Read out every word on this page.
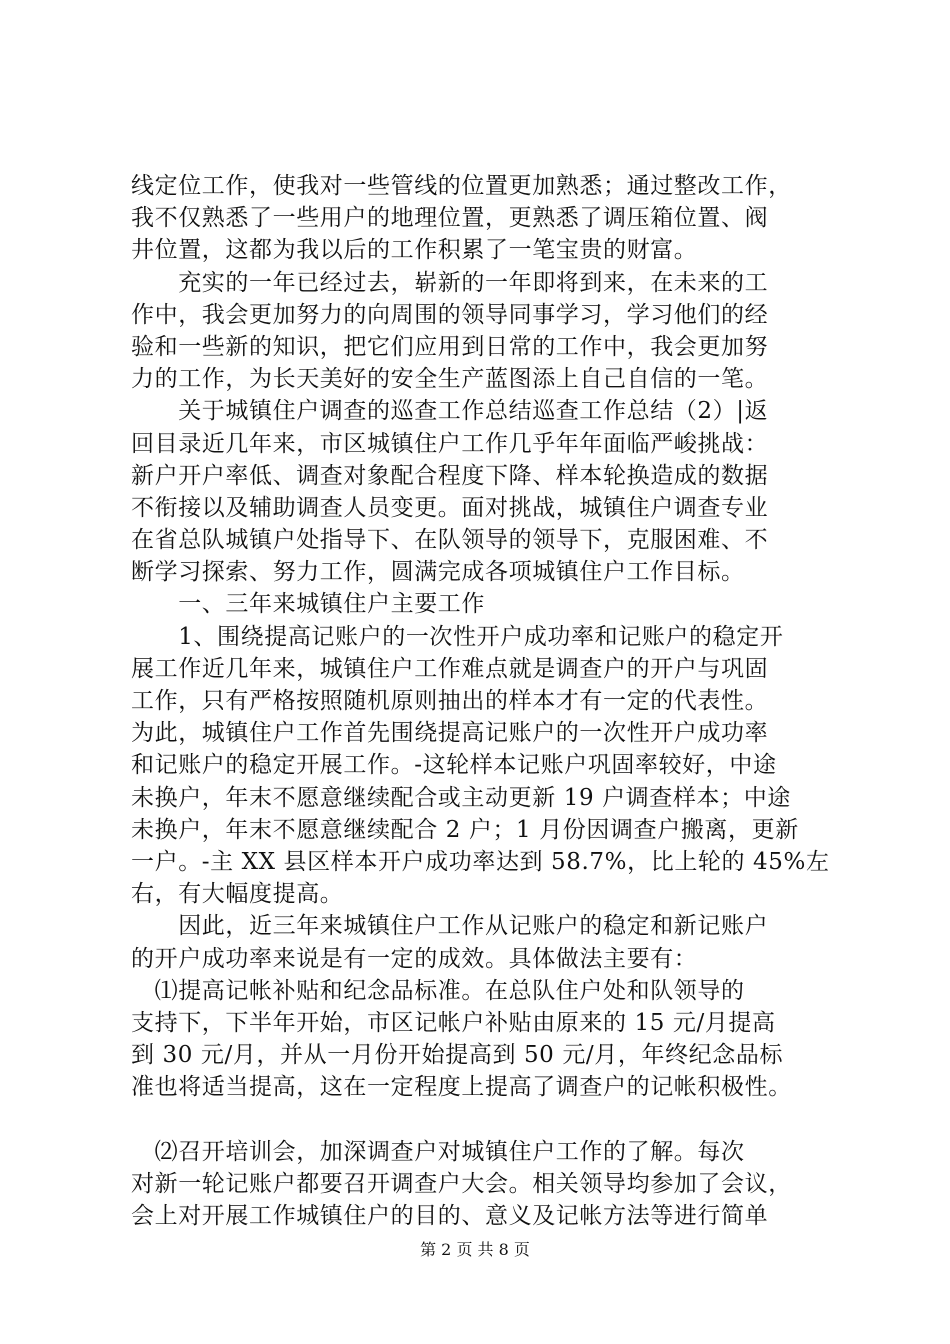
线定位工作，使我对一些管线的位置更加熟悉；通过整改工作，
我不仅熟悉了一些用户的地理位置，更熟悉了调压箱位置、阀
井位置，这都为我以后的工作积累了一笔宝贵的财富。
　　充实的一年已经过去，崭新的一年即将到来，在未来的工
作中，我会更加努力的向周围的领导同事学习，学习他们的经
验和一些新的知识，把它们应用到日常的工作中，我会更加努
力的工作，为长天美好的安全生产蓝图添上自己自信的一笔。
　　关于城镇住户调查的巡查工作总结巡查工作总结（2）|返
回目录近几年来，市区城镇住户工作几乎年年面临严峻挑战：
新户开户率低、调查对象配合程度下降、样本轮换造成的数据
不衔接以及辅助调查人员变更。面对挑战，城镇住户调查专业
在省总队城镇户处指导下、在队领导的领导下，克服困难、不
断学习探索、努力工作，圆满完成各项城镇住户工作目标。
　　一、三年来城镇住户主要工作
　　1、围绕提高记账户的一次性开户成功率和记账户的稳定开
展工作近几年来，城镇住户工作难点就是调查户的开户与巩固
工作，只有严格按照随机原则抽出的样本才有一定的代表性。
为此，城镇住户工作首先围绕提高记账户的一次性开户成功率
和记账户的稳定开展工作。-这轮样本记账户巩固率较好，中途
未换户，年末不愿意继续配合或主动更新 19 户调查样本；中途
未换户，年末不愿意继续配合 2 户；1 月份因调查户搬离，更新
一户。-主 XX 县区样本开户成功率达到 58.7%，比上轮的 45%左
右，有大幅度提高。
　　因此，近三年来城镇住户工作从记账户的稳定和新记账户
的开户成功率来说是有一定的成效。具体做法主要有：
　⑴提高记帐补贴和纪念品标准。在总队住户处和队领导的
支持下，下半年开始，市区记帐户补贴由原来的 15 元/月提高
到 30 元/月，并从一月份开始提高到 50 元/月，年终纪念品标
准也将适当提高，这在一定程度上提高了调查户的记帐积极性。
　⑵召开培训会，加深调查户对城镇住户工作的了解。每次
对新一轮记账户都要召开调查户大会。相关领导均参加了会议，
会上对开展工作城镇住户的目的、意义及记帐方法等进行简单
第 2 页 共 8 页
